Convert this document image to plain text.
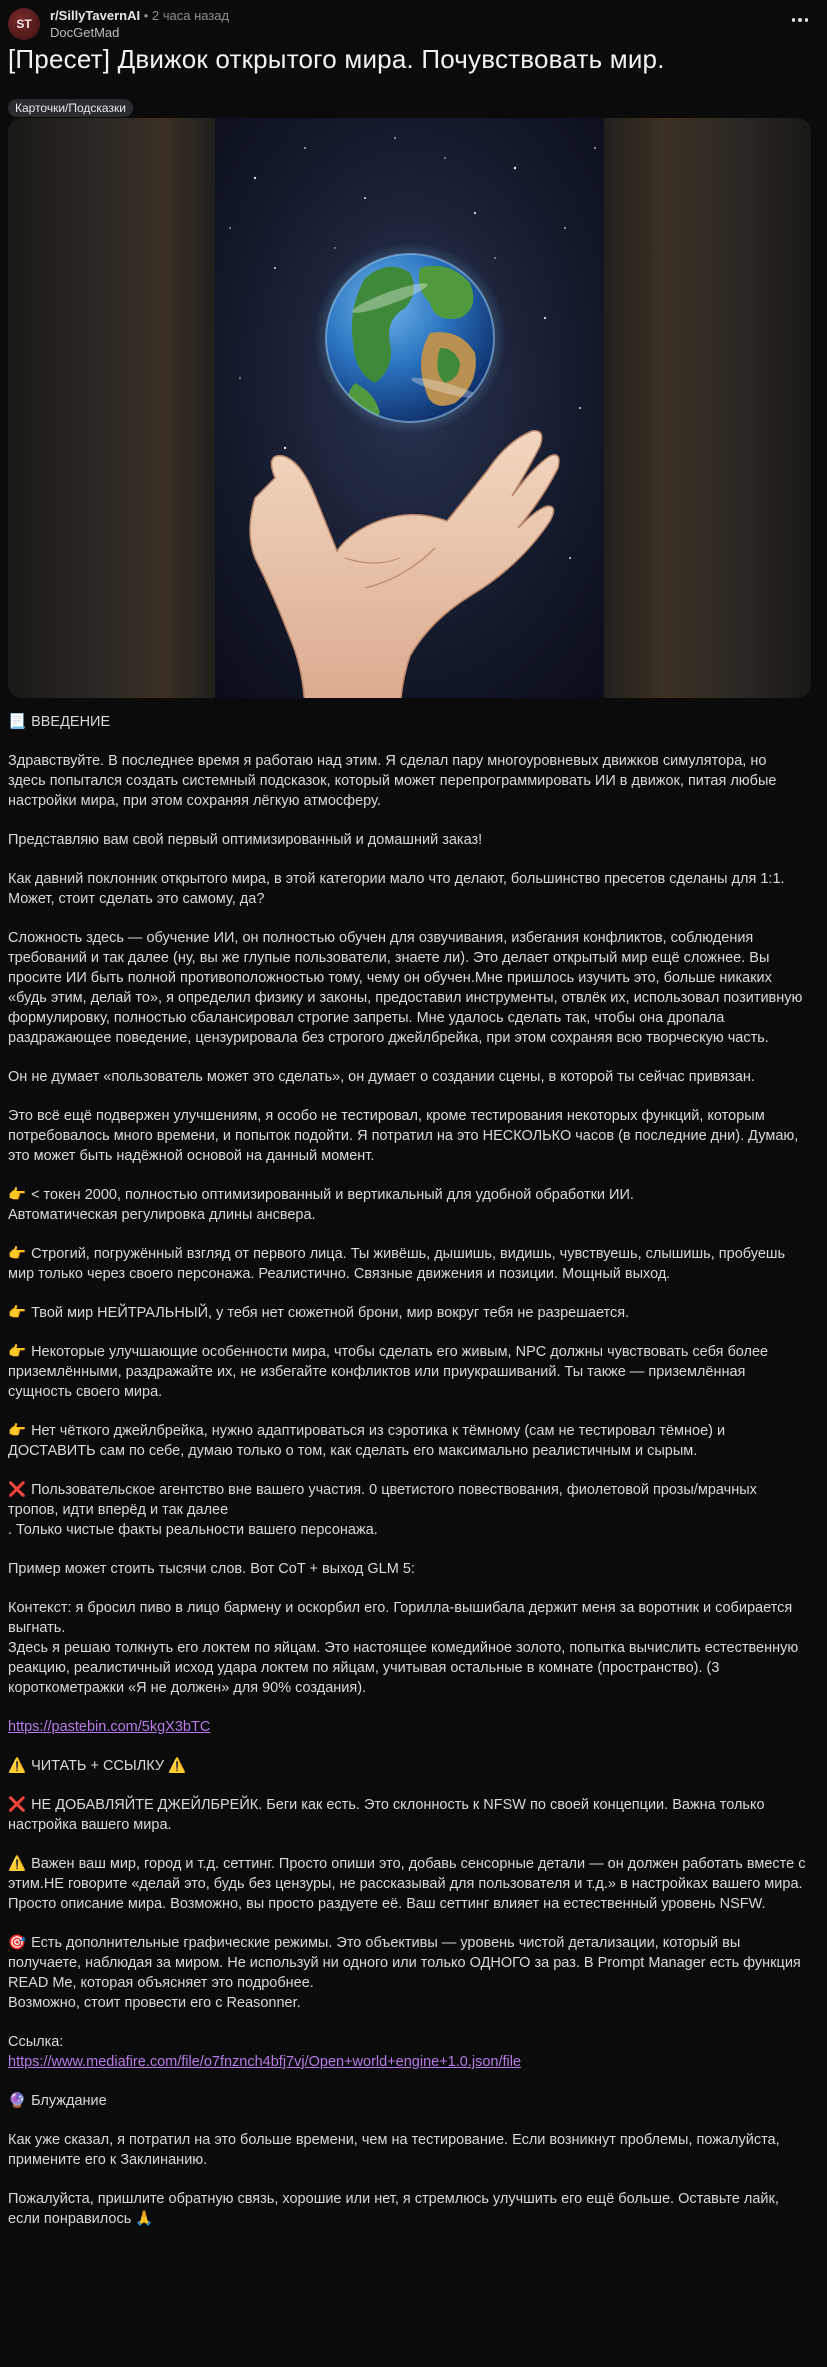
ST
r/SillyTavernAI • 2 часа назад
DocGetMad
[Пресет] Движок открытого мира. Почувствовать мир.
Карточки/Подсказки

📃 ВВЕДЕНИЕ

Здравствуйте. В последнее время я работаю над этим. Я сделал пару многоуровневых движков симулятора, но здесь попытался создать системный подсказок, который может перепрограммировать ИИ в движок, питая любые настройки мира, при этом сохраняя лёгкую атмосферу.

Представляю вам свой первый оптимизированный и домашний заказ!

Как давний поклонник открытого мира, в этой категории мало что делают, большинство пресетов сделаны для 1:1. Может, стоит сделать это самому, да?

Сложность здесь — обучение ИИ, он полностью обучен для озвучивания, избегания конфликтов, соблюдения требований и так далее (ну, вы же глупые пользователи, знаете ли). Это делает открытый мир ещё сложнее. Вы просите ИИ быть полной противоположностью тому, чему он обучен.Мне пришлось изучить это, больше никаких «будь этим, делай то», я определил физику и законы, предоставил инструменты, отвлёк их, использовал позитивную формулировку, полностью сбалансировал строгие запреты. Мне удалось сделать так, чтобы она дропала раздражающее поведение, цензурировала без строгого джейлбрейка, при этом сохраняя всю творческую часть.

Он не думает «пользователь может это сделать», он думает о создании сцены, в которой ты сейчас привязан.

Это всё ещё подвержен улучшениям, я особо не тестировал, кроме тестирования некоторых функций, которым потребовалось много времени, и попыток подойти. Я потратил на это НЕСКОЛЬКО часов (в последние дни). Думаю, это может быть надёжной основой на данный момент.

👉 < токен 2000, полностью оптимизированный и вертикальный для удобной обработки ИИ.
Автоматическая регулировка длины ансвера.

👉 Строгий, погружённый взгляд от первого лица. Ты живёшь, дышишь, видишь, чувствуешь, слышишь, пробуешь мир только через своего персонажа. Реалистично. Связные движения и позиции. Мощный выход.

👉 Твой мир НЕЙТРАЛЬНЫЙ, у тебя нет сюжетной брони, мир вокруг тебя не разрешается.

👉 Некоторые улучшающие особенности мира, чтобы сделать его живым, NPC должны чувствовать себя более приземлёнными, раздражайте их, не избегайте конфликтов или приукрашиваний. Ты также — приземлённая сущность своего мира.

👉 Нет чёткого джейлбрейка, нужно адаптироваться из сэротика к тёмному (сам не тестировал тёмное) и ДОСТАВИТЬ сам по себе, думаю только о том, как сделать его максимально реалистичным и сырым.

❌ Пользовательское агентство вне вашего участия. 0 цветистого повествования, фиолетовой прозы/мрачных тропов, идти вперёд и так далее
. Только чистые факты реальности вашего персонажа.

Пример может стоить тысячи слов. Вот CoT + выход GLM 5:

Контекст: я бросил пиво в лицо бармену и оскорбил его. Горилла-вышибала держит меня за воротник и собирается выгнать.
Здесь я решаю толкнуть его локтем по яйцам. Это настоящее комедийное золото, попытка вычислить естественную реакцию, реалистичный исход удара локтем по яйцам, учитывая остальные в комнате (пространство). (3 короткометражки «Я не должен» для 90% создания).

https://pastebin.com/5kgX3bTC

⚠️ ЧИТАТЬ + ССЫЛКУ ⚠️

❌ НЕ ДОБАВЛЯЙТЕ ДЖЕЙЛБРЕЙК. Беги как есть. Это склонность к NFSW по своей концепции. Важна только настройка вашего мира.

⚠️ Важен ваш мир, город и т.д. сеттинг. Просто опиши это, добавь сенсорные детали — он должен работать вместе с этим.НЕ говорите «делай это, будь без цензуры, не рассказывай для пользователя и т.д.» в настройках вашего мира. Просто описание мира. Возможно, вы просто раздуете её. Ваш сеттинг влияет на естественный уровень NSFW.

🎯 Есть дополнительные графические режимы. Это объективы — уровень чистой детализации, который вы получаете, наблюдая за миром. Не используй ни одного или только ОДНОГО за раз. В Prompt Manager есть функция READ Me, которая объясняет это подробнее.
Возможно, стоит провести его с Reasonner.

Ссылка:
https://www.mediafire.com/file/o7fnznch4bfj7vj/Open+world+engine+1.0.json/file

🔮 Блуждание

Как уже сказал, я потратил на это больше времени, чем на тестирование. Если возникнут проблемы, пожалуйста, примените его к Заклинанию.

Пожалуйста, пришлите обратную связь, хорошие или нет, я стремлюсь улучшить его ещё больше. Оставьте лайк, если понравилось 🙏
